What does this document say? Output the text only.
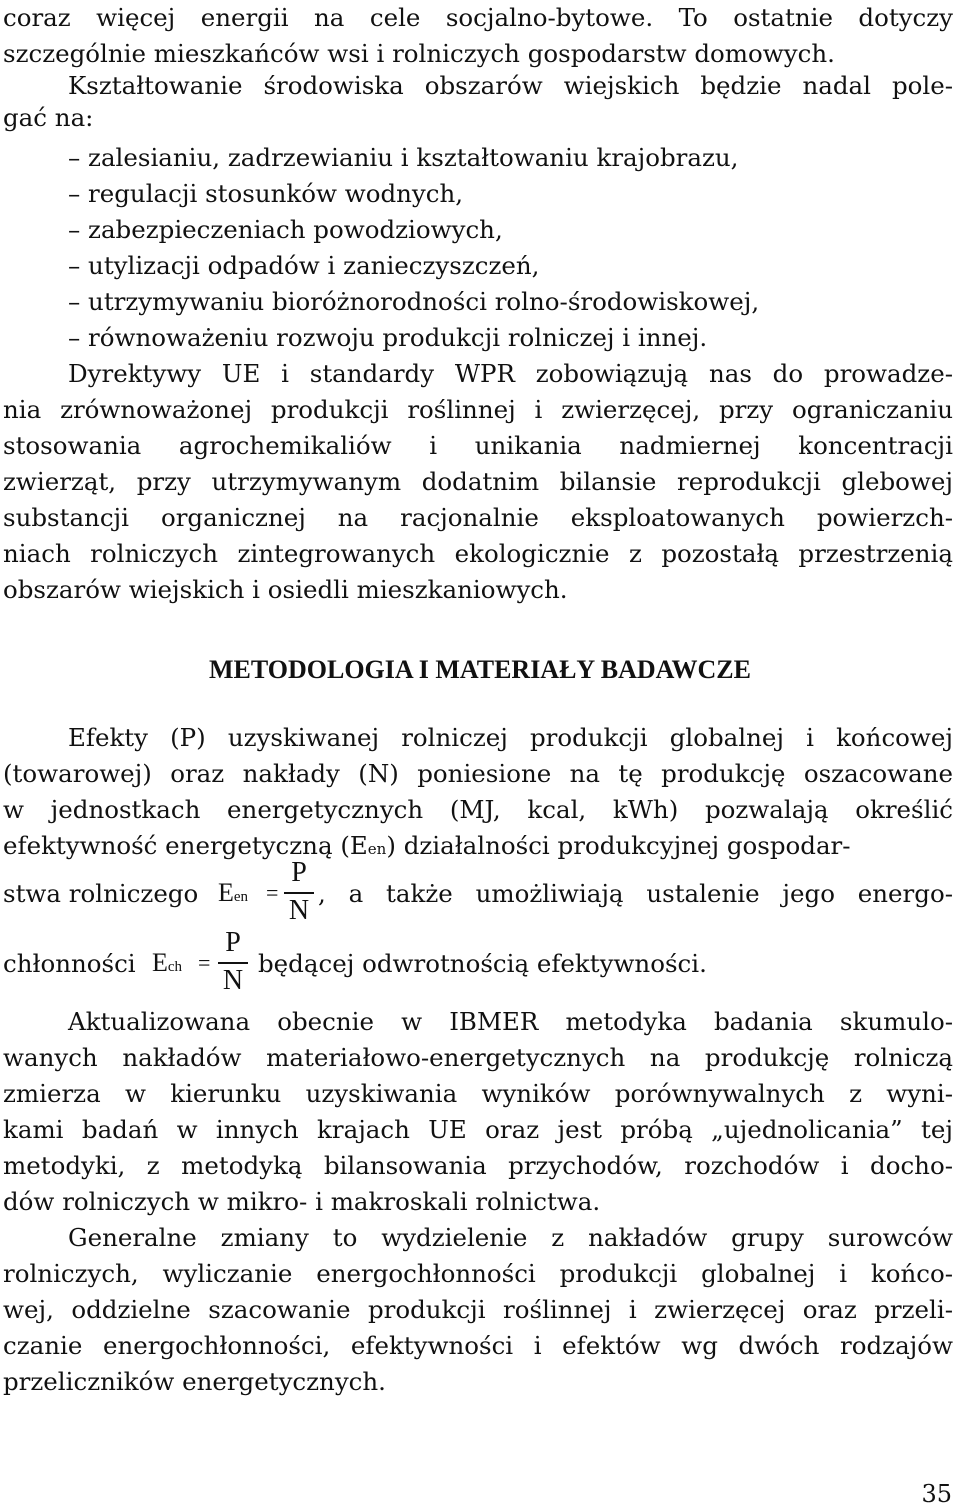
coraz więcej energii na cele socjalno-bytowe. To ostatnie dotyczy

szczególnie mieszkańców wsi i rolniczych gospodarstw domowych.

Kształtowanie środowiska obszarów wiejskich będzie nadal pole-

gać na:

– zalesianiu, zadrzewianiu i kształtowaniu krajobrazu,

– regulacji stosunków wodnych,

– zabezpieczeniach powodziowych,

– utylizacji odpadów i zanieczyszczeń,

– utrzymywaniu bioróżnorodności rolno-środowiskowej,

– równoważeniu rozwoju produkcji rolniczej i innej.

Dyrektywy UE i standardy WPR zobowiązują nas do prowadze-

nia zrównoważonej produkcji roślinnej i zwierzęcej, przy ograniczaniu

stosowania agrochemikaliów i unikania nadmiernej koncentracji

zwierząt, przy utrzymywanym dodatnim bilansie reprodukcji glebowej

substancji organicznej na racjonalnie eksploatowanych powierzch-

niach rolniczych zintegrowanych ekologicznie z pozostałą przestrzenią

obszarów wiejskich i osiedli mieszkaniowych.

METODOLOGIA I MATERIAŁY BADAWCZE

Efekty (P) uzyskiwanej rolniczej produkcji globalnej i końcowej

(towarowej) oraz nakłady (N) poniesione na tę produkcję oszacowane

w jednostkach energetycznych (MJ, kcal, kWh) pozwalają określić

efektywność energetyczną (Een) działalności produkcyjnej gospodar-

stwa rolniczego Een =
P
N
, a także umożliwiają ustalenie jego energo-
chłonności Ech =
P
N
będącej odwrotnością efektywności.

Aktualizowana obecnie w IBMER metodyka badania skumulo-

wanych nakładów materiałowo-energetycznych na produkcję rolniczą

zmierza w kierunku uzyskiwania wyników porównywalnych z wyni-

kami badań w innych krajach UE oraz jest próbą „ujednolicania” tej

metodyki, z metodyką bilansowania przychodów, rozchodów i docho-

dów rolniczych w mikro- i makroskali rolnictwa.

Generalne zmiany to wydzielenie z nakładów grupy surowców

rolniczych, wyliczanie energochłonności produkcji globalnej i końco-

wej, oddzielne szacowanie produkcji roślinnej i zwierzęcej oraz przeli-

czanie energochłonności, efektywności i efektów wg dwóch rodzajów

przeliczników energetycznych.

35
